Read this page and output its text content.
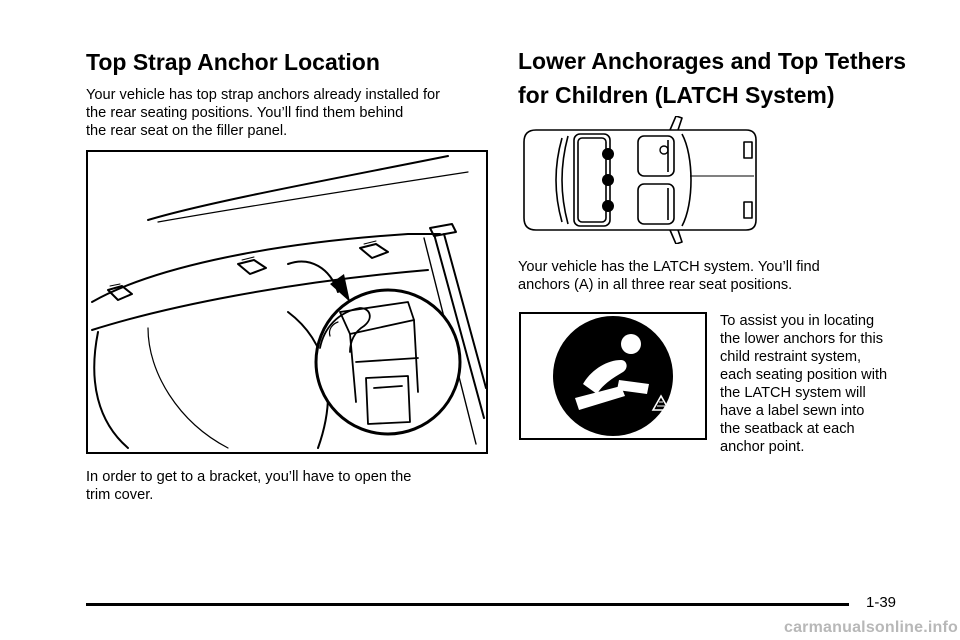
Top Strap Anchor Location

Your vehicle has top strap anchors already installed for

the rear seating positions. You’ll find them behind

the rear seat on the filler panel.

In order to get to a bracket, you’ll have to open the

trim cover.

Lower Anchorages and Top Tethers
for Children (LATCH System)

Your vehicle has the LATCH system. You’ll find

anchors (A) in all three rear seat positions.

To assist you in locating

the lower anchors for this

child restraint system,

each seating position with

the LATCH system will

have a label sewn into

the seatback at each

anchor point.

1-39
carmanualsonline.info
